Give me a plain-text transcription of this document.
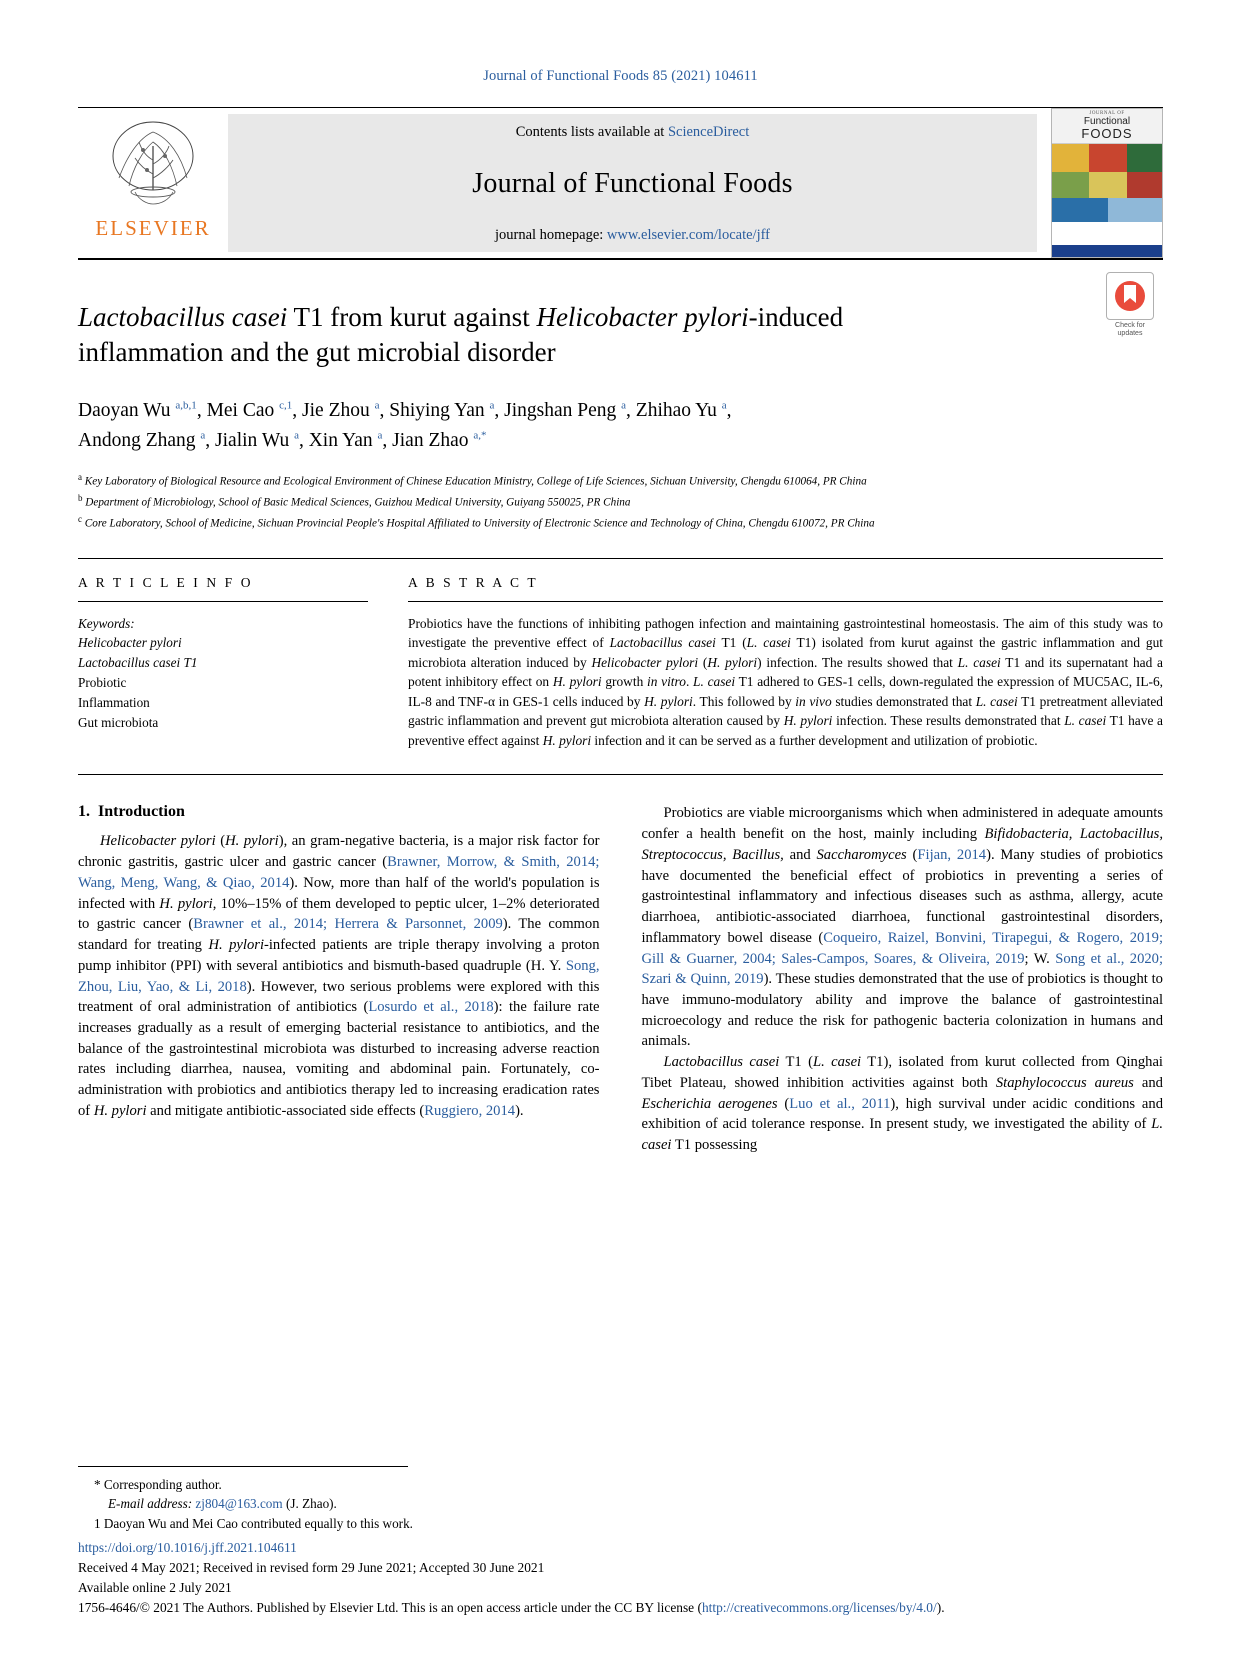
Journal of Functional Foods 85 (2021) 104611
ELSEVIER
Contents lists available at ScienceDirect
Journal of Functional Foods
journal homepage: www.elsevier.com/locate/jff
JOURNAL OF
Functional
FOODS
Check for
updates
Lactobacillus casei T1 from kurut against Helicobacter pylori-induced inflammation and the gut microbial disorder
Daoyan Wu $^{a,b,1}$, Mei Cao $^{c,1}$, Jie Zhou $^a$, Shiying Yan $^a$, Jingshan Peng $^a$, Zhihao Yu $^a$,
Andong Zhang $^a$, Jialin Wu $^a$, Xin Yan $^a$, Jian Zhao $^{a,*}$
$^a$ Key Laboratory of Biological Resource and Ecological Environment of Chinese Education Ministry, College of Life Sciences, Sichuan University, Chengdu 610064, PR China
$^b$ Department of Microbiology, School of Basic Medical Sciences, Guizhou Medical University, Guiyang 550025, PR China
$^c$ Core Laboratory, School of Medicine, Sichuan Provincial People's Hospital Affiliated to University of Electronic Science and Technology of China, Chengdu 610072, PR China
A R T I C L E I N F O
Keywords:
Helicobacter pylori
Lactobacillus casei T1
Probiotic
Inflammation
Gut microbiota
A B S T R A C T
Probiotics have the functions of inhibiting pathogen infection and maintaining gastrointestinal homeostasis. The aim of this study was to investigate the preventive effect of Lactobacillus casei T1 (L. casei T1) isolated from kurut against the gastric inflammation and gut microbiota alteration induced by Helicobacter pylori (H. pylori) infection. The results showed that L. casei T1 and its supernatant had a potent inhibitory effect on H. pylori growth in vitro. L. casei T1 adhered to GES-1 cells, down-regulated the expression of MUC5AC, IL-6, IL-8 and TNF-α in GES-1 cells induced by H. pylori. This followed by in vivo studies demonstrated that L. casei T1 pretreatment alleviated gastric inflammation and prevent gut microbiota alteration caused by H. pylori infection. These results demonstrated that L. casei T1 have a preventive effect against H. pylori infection and it can be served as a further development and utilization of probiotic.
1. Introduction

Helicobacter pylori (H. pylori), an gram-negative bacteria, is a major risk factor for chronic gastritis, gastric ulcer and gastric cancer (Brawner, Morrow, & Smith, 2014; Wang, Meng, Wang, & Qiao, 2014). Now, more than half of the world's population is infected with H. pylori, 10%–15% of them developed to peptic ulcer, 1–2% deteriorated to gastric cancer (Brawner et al., 2014; Herrera & Parsonnet, 2009). The common standard for treating H. pylori-infected patients are triple therapy involving a proton pump inhibitor (PPI) with several antibiotics and bismuth-based quadruple (H. Y. Song, Zhou, Liu, Yao, & Li, 2018). However, two serious problems were explored with this treatment of oral administration of antibiotics (Losurdo et al., 2018): the failure rate increases gradually as a result of emerging bacterial resistance to antibiotics, and the balance of the gastrointestinal microbiota was disturbed to increasing adverse reaction rates including diarrhea, nausea, vomiting and abdominal pain. Fortunately, co-administration with probiotics and antibiotics therapy led to increasing eradication rates of H. pylori and mitigate antibiotic-associated side effects (Ruggiero, 2014).

Probiotics are viable microorganisms which when administered in adequate amounts confer a health benefit on the host, mainly including Bifidobacteria, Lactobacillus, Streptococcus, Bacillus, and Saccharomyces (Fijan, 2014). Many studies of probiotics have documented the beneficial effect of probiotics in preventing a series of gastrointestinal inflammatory and infectious diseases such as asthma, allergy, acute diarrhoea, antibiotic-associated diarrhoea, functional gastrointestinal disorders, inflammatory bowel disease (Coqueiro, Raizel, Bonvini, Tirapegui, & Rogero, 2019; Gill & Guarner, 2004; Sales-Campos, Soares, & Oliveira, 2019; W. Song et al., 2020; Szari & Quinn, 2019). These studies demonstrated that the use of probiotics is thought to have immuno-modulatory ability and improve the balance of gastrointestinal microecology and reduce the risk for pathogenic bacteria colonization in humans and animals.

Lactobacillus casei T1 (L. casei T1), isolated from kurut collected from Qinghai Tibet Plateau, showed inhibition activities against both Staphylococcus aureus and Escherichia aerogenes (Luo et al., 2011), high survival under acidic conditions and exhibition of acid tolerance response. In present study, we investigated the ability of L. casei T1 possessing

* Corresponding author.
E-mail address: zj804@163.com (J. Zhao).
1 Daoyan Wu and Mei Cao contributed equally to this work.
https://doi.org/10.1016/j.jff.2021.104611
Received 4 May 2021; Received in revised form 29 June 2021; Accepted 30 June 2021
Available online 2 July 2021
1756-4646/© 2021 The Authors. Published by Elsevier Ltd. This is an open access article under the CC BY license (http://creativecommons.org/licenses/by/4.0/).
